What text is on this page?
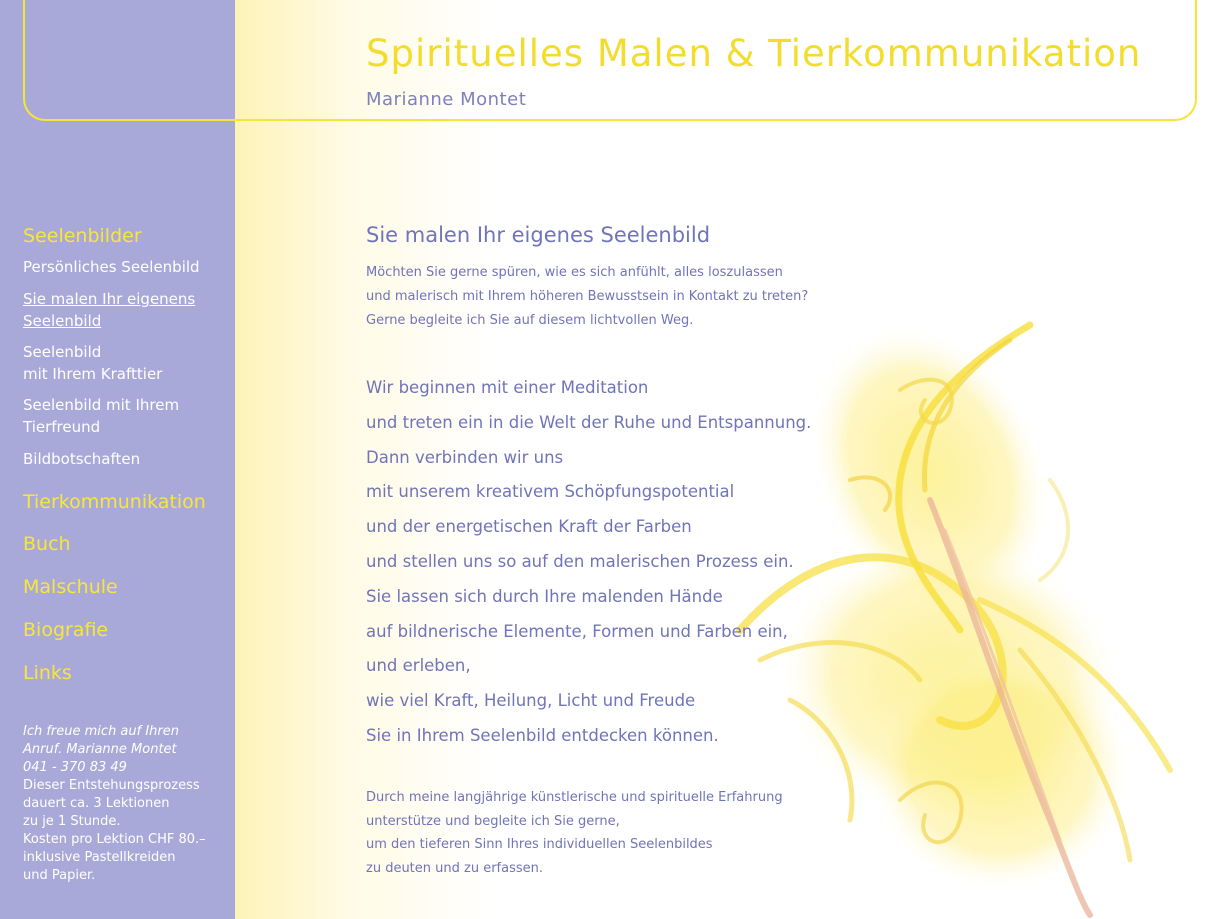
Spirituelles Malen & Tierkommunikation
Marianne Montet
Seelenbilder
Persönliches Seelenbild
Sie malen Ihr eigenens
Seelenbild
Seelenbild
mit Ihrem Krafttier
Seelenbild mit Ihrem
Tierfreund
Bildbotschaften
Tierkommunikation
Buch
Malschule
Biografie
Links
Ich freue mich auf Ihren
Anruf. Marianne Montet
041 - 370 83 49
Dieser Entstehungsprozess
dauert ca. 3 Lektionen
zu je 1 Stunde.
Kosten pro Lektion CHF 80.–
inklusive Pastellkreiden
und Papier.
Sie malen Ihr eigenes Seelenbild
Möchten Sie gerne spüren, wie es sich anfühlt, alles loszulassen
und malerisch mit Ihrem höheren Bewusstsein in Kontakt zu treten?
Gerne begleite ich Sie auf diesem lichtvollen Weg.
Wir beginnen mit einer Meditation
und treten ein in die Welt der Ruhe und Entspannung.
Dann verbinden wir uns
mit unserem kreativem Schöpfungspotential
und der energetischen Kraft der Farben
und stellen uns so auf den malerischen Prozess ein.
Sie lassen sich durch Ihre malenden Hände
auf bildnerische Elemente, Formen und Farben ein,
und erleben,
wie viel Kraft, Heilung, Licht und Freude
Sie in Ihrem Seelenbild entdecken können.
Durch meine langjährige künstlerische und spirituelle Erfahrung
unterstütze und begleite ich Sie gerne,
um den tieferen Sinn Ihres individuellen Seelenbildes
zu deuten und zu erfassen.
